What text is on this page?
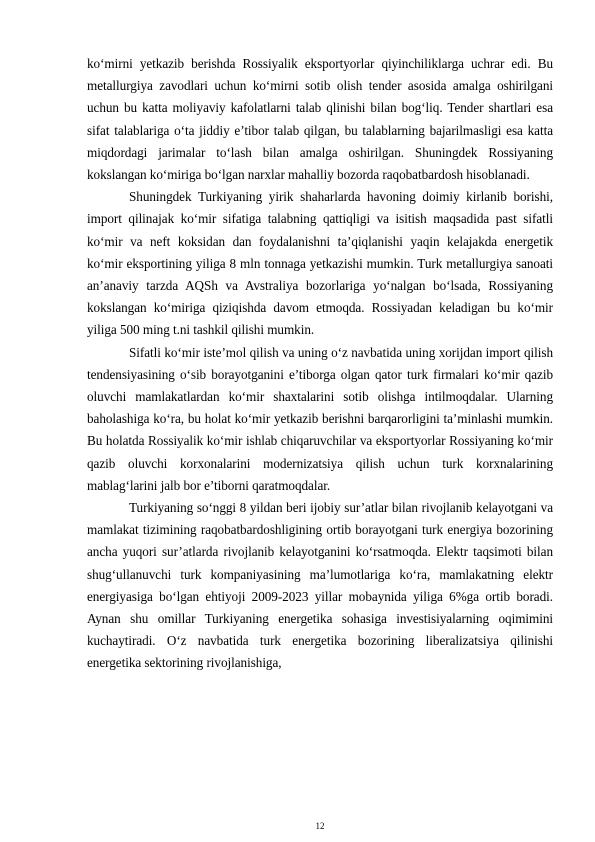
ko‘mirni yetkazib berishda Rossiyalik eksportyorlar qiyinchiliklarga uchrar edi. Bu metallurgiya zavodlari uchun ko‘mirni sotib olish tender asosida amalga oshirilgani uchun bu katta moliyaviy kafolatlarni talab qlinishi bilan bog‘liq. Tender shartlari esa sifat talablariga o‘ta jiddiy e’tibor talab qilgan, bu talablarning bajarilmasligi esa katta miqdordagi jarimalar to‘lash bilan amalga oshirilgan. Shuningdek Rossiyaning kokslangan ko‘miriga bo‘lgan narxlar mahalliy bozorda raqobatbardosh hisoblanadi.

Shuningdek Turkiyaning yirik shaharlarda havoning doimiy kirlanib borishi, import qilinajak ko‘mir sifatiga talabning qattiqligi va isitish maqsadida past sifatli ko‘mir va neft koksidan dan foydalanishni ta’qiqlanishi yaqin kelajakda energetik ko‘mir eksportining yiliga 8 mln tonnaga yetkazishi mumkin. Turk metallurgiya sanoati an’anaviy tarzda AQSh va Avstraliya bozorlariga yo‘nalgan bo‘lsada, Rossiyaning kokslangan ko‘miriga qiziqishda davom etmoqda. Rossiyadan keladigan bu ko‘mir yiliga 500 ming t.ni tashkil qilishi mumkin.

Sifatli ko‘mir iste’mol qilish va uning o‘z navbatida uning xorijdan import qilish tendensiyasining o‘sib borayotganini e’tiborga olgan qator turk firmalari ko‘mir qazib oluvchi mamlakatlardan ko‘mir shaxtalarini sotib olishga intilmoqdalar. Ularning baholashiga ko‘ra, bu holat ko‘mir yetkazib berishni barqarorligini ta’minlashi mumkin. Bu holatda Rossiyalik ko‘mir ishlab chiqaruvchilar va eksportyorlar Rossiyaning ko‘mir qazib oluvchi korxonalarini modernizatsiya qilish uchun turk korxnalarining mablag‘larini jalb bor e’tiborni qaratmoqdalar.

Turkiyaning so‘nggi 8 yildan beri ijobiy sur’atlar bilan rivojlanib kelayotgani va mamlakat tizimining raqobatbardoshligining ortib borayotgani turk energiya bozorining ancha yuqori sur’atlarda rivojlanib kelayotganini ko‘rsatmoqda. Elektr taqsimoti bilan shug‘ullanuvchi turk kompaniyasining ma’lumotlariga ko‘ra, mamlakatning elektr energiyasiga bo‘lgan ehtiyoji 2009-2023 yillar mobaynida yiliga 6%ga ortib boradi. Aynan shu omillar Turkiyaning energetika sohasiga investisiyalarning oqimimini kuchaytiradi. O‘z navbatida turk energetika bozorining liberalizatsiya qilinishi energetika sektorining rivojlanishiga,

12
